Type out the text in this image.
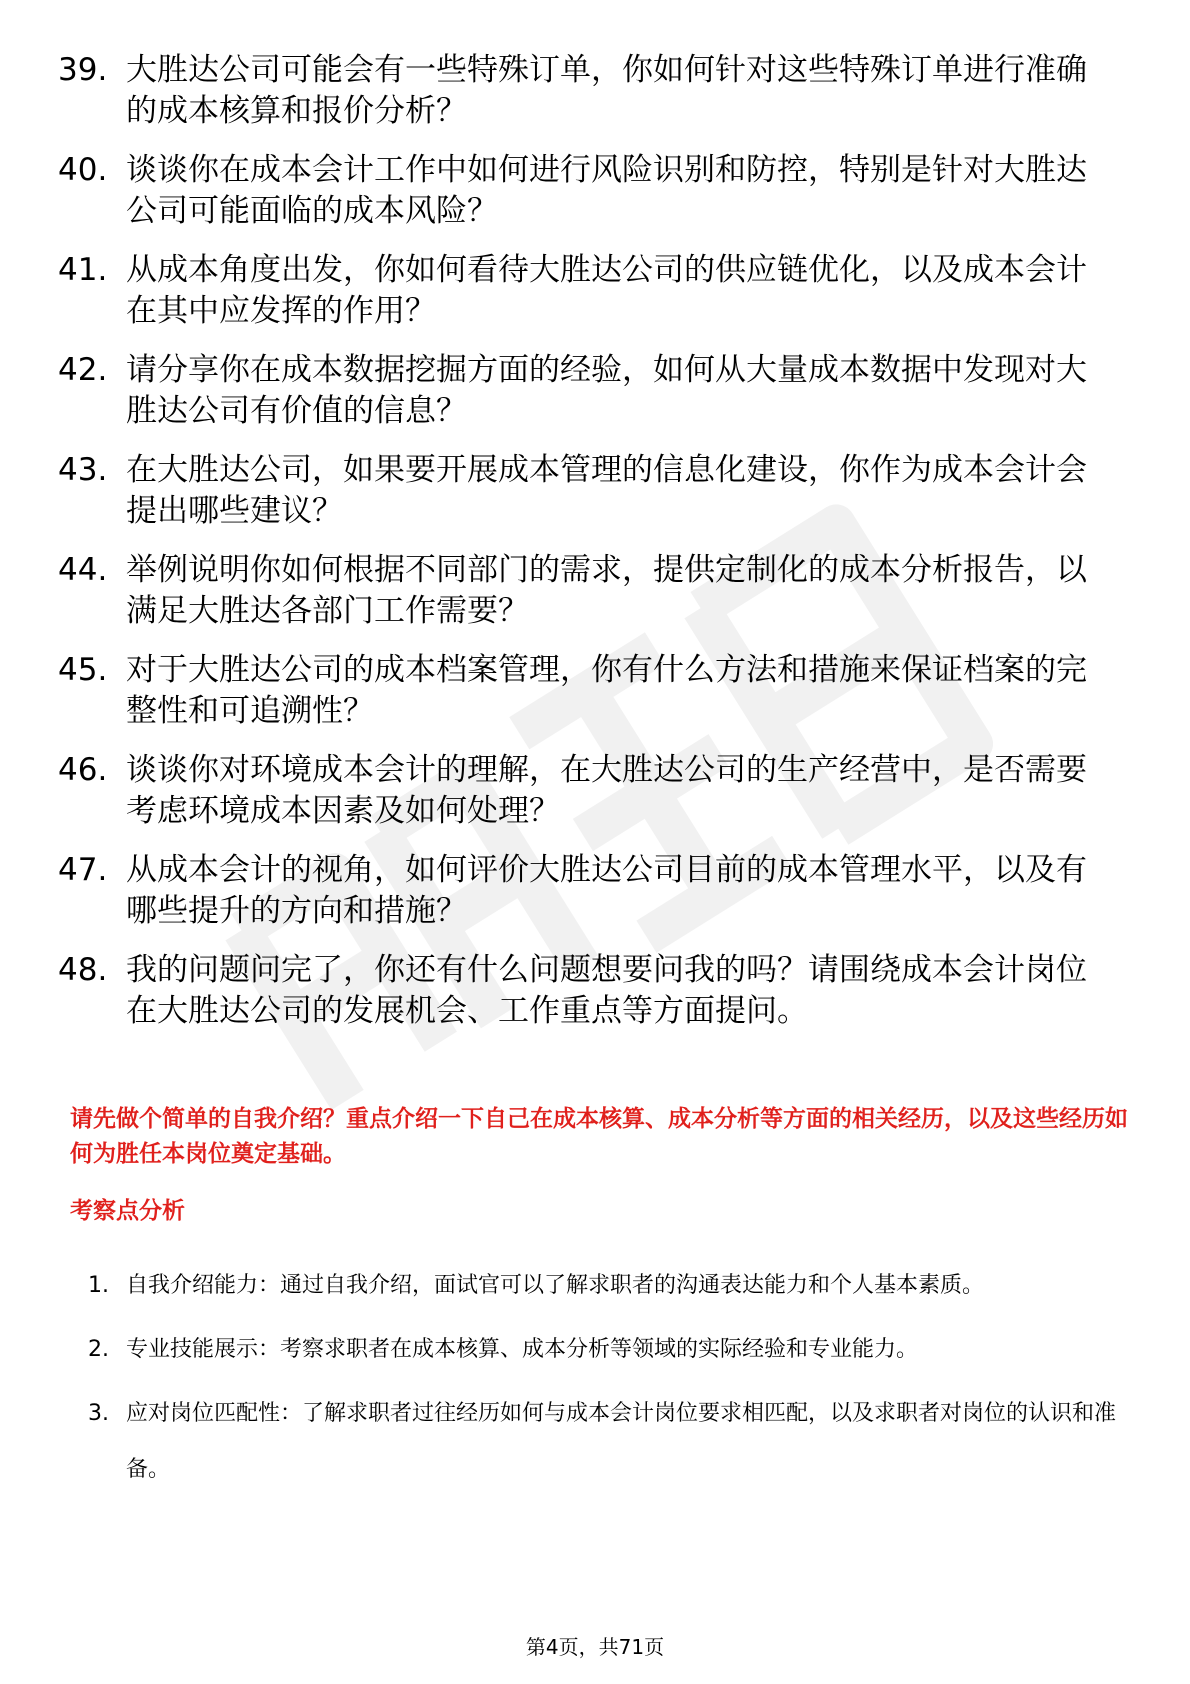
39. 大胜达公司可能会有一些特殊订单，你如何针对这些特殊订单进行准确的成本核算和报价分析？
40. 谈谈你在成本会计工作中如何进行风险识别和防控，特别是针对大胜达公司可能面临的成本风险？
41. 从成本角度出发，你如何看待大胜达公司的供应链优化，以及成本会计在其中应发挥的作用？
42. 请分享你在成本数据挖掘方面的经验，如何从大量成本数据中发现对大胜达公司有价值的信息？
43. 在大胜达公司，如果要开展成本管理的信息化建设，你作为成本会计会提出哪些建议？
44. 举例说明你如何根据不同部门的需求，提供定制化的成本分析报告，以满足大胜达各部门工作需要？
45. 对于大胜达公司的成本档案管理，你有什么方法和措施来保证档案的完整性和可追溯性？
46. 谈谈你对环境成本会计的理解，在大胜达公司的生产经营中，是否需要考虑环境成本因素及如何处理？
47. 从成本会计的视角，如何评价大胜达公司目前的成本管理水平，以及有哪些提升的方向和措施？
48. 我的问题问完了，你还有什么问题想要问我的吗？请围绕成本会计岗位在大胜达公司的发展机会、工作重点等方面提问。

请先做个简单的自我介绍？重点介绍一下自己在成本核算、成本分析等方面的相关经历，以及这些经历如何为胜任本岗位奠定基础。

考察点分析
1. 自我介绍能力：通过自我介绍，面试官可以了解求职者的沟通表达能力和个人基本素质。
2. 专业技能展示：考察求职者在成本核算、成本分析等领域的实际经验和专业能力。
3. 应对岗位匹配性：了解求职者过往经历如何与成本会计岗位要求相匹配，以及求职者对岗位的认识和准备。
第4页，共71页
